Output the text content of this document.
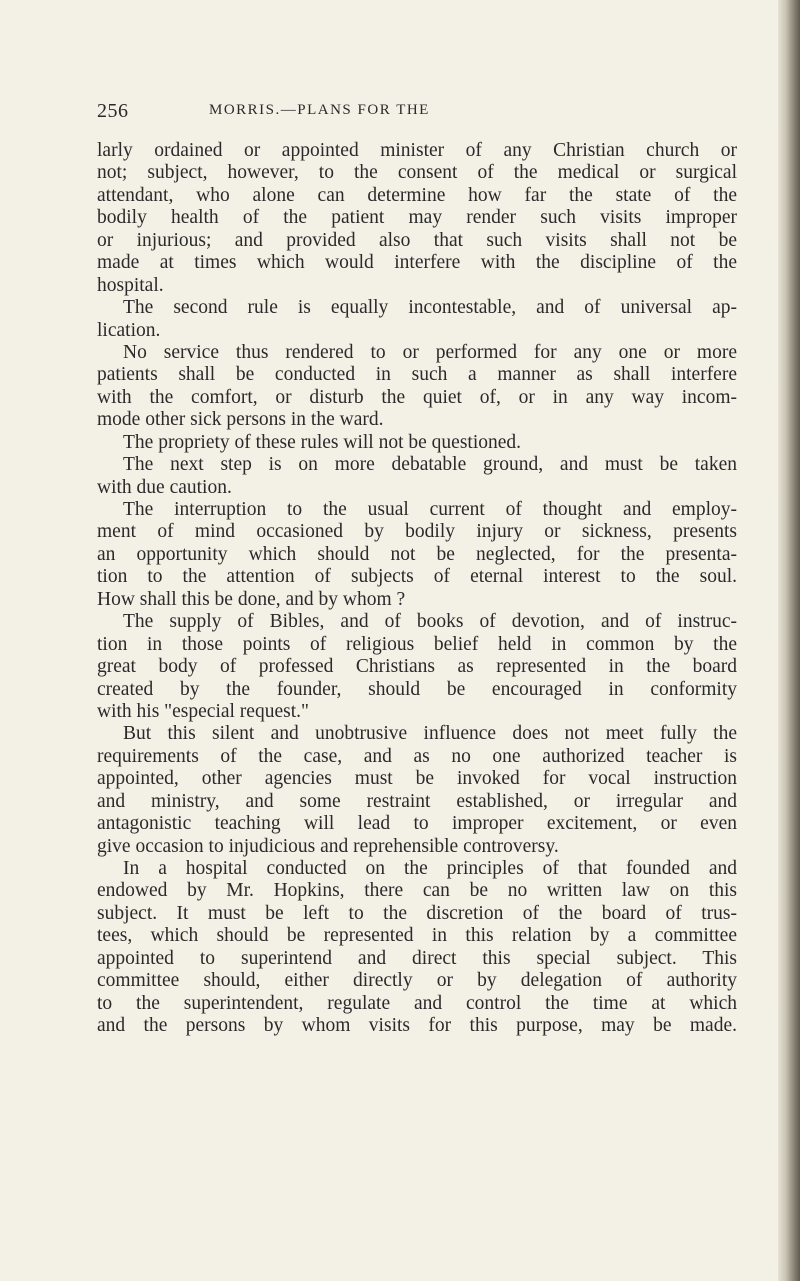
256	MORRIS.—PLANS FOR THE
larly ordained or appointed minister of any Christian church or
not; subject, however, to the consent of the medical or surgical
attendant, who alone can determine how far the state of the
bodily health of the patient may render such visits improper
or injurious; and provided also that such visits shall not be
made at times which would interfere with the discipline of the
hospital.
The second rule is equally incontestable, and of universal ap-
lication.
No service thus rendered to or performed for any one or more
patients shall be conducted in such a manner as shall interfere
with the comfort, or disturb the quiet of, or in any way incom-
mode other sick persons in the ward.
The propriety of these rules will not be questioned.
The next step is on more debatable ground, and must be taken
with due caution.
The interruption to the usual current of thought and employ-
ment of mind occasioned by bodily injury or sickness, presents
an opportunity which should not be neglected, for the presenta-
tion to the attention of subjects of eternal interest to the soul.
How shall this be done, and by whom ?
The supply of Bibles, and of books of devotion, and of instruc-
tion in those points of religious belief held in common by the
great body of professed Christians as represented in the board
created by the founder, should be encouraged in conformity
with his "especial request."
But this silent and unobtrusive influence does not meet fully the
requirements of the case, and as no one authorized teacher is
appointed, other agencies must be invoked for vocal instruction
and ministry, and some restraint established, or irregular and
antagonistic teaching will lead to improper excitement, or even
give occasion to injudicious and reprehensible controversy.
In a hospital conducted on the principles of that founded and
endowed by Mr. Hopkins, there can be no written law on this
subject. It must be left to the discretion of the board of trus-
tees, which should be represented in this relation by a committee
appointed to superintend and direct this special subject. This
committee should, either directly or by delegation of authority
to the superintendent, regulate and control the time at which
and the persons by whom visits for this purpose, may be made.
